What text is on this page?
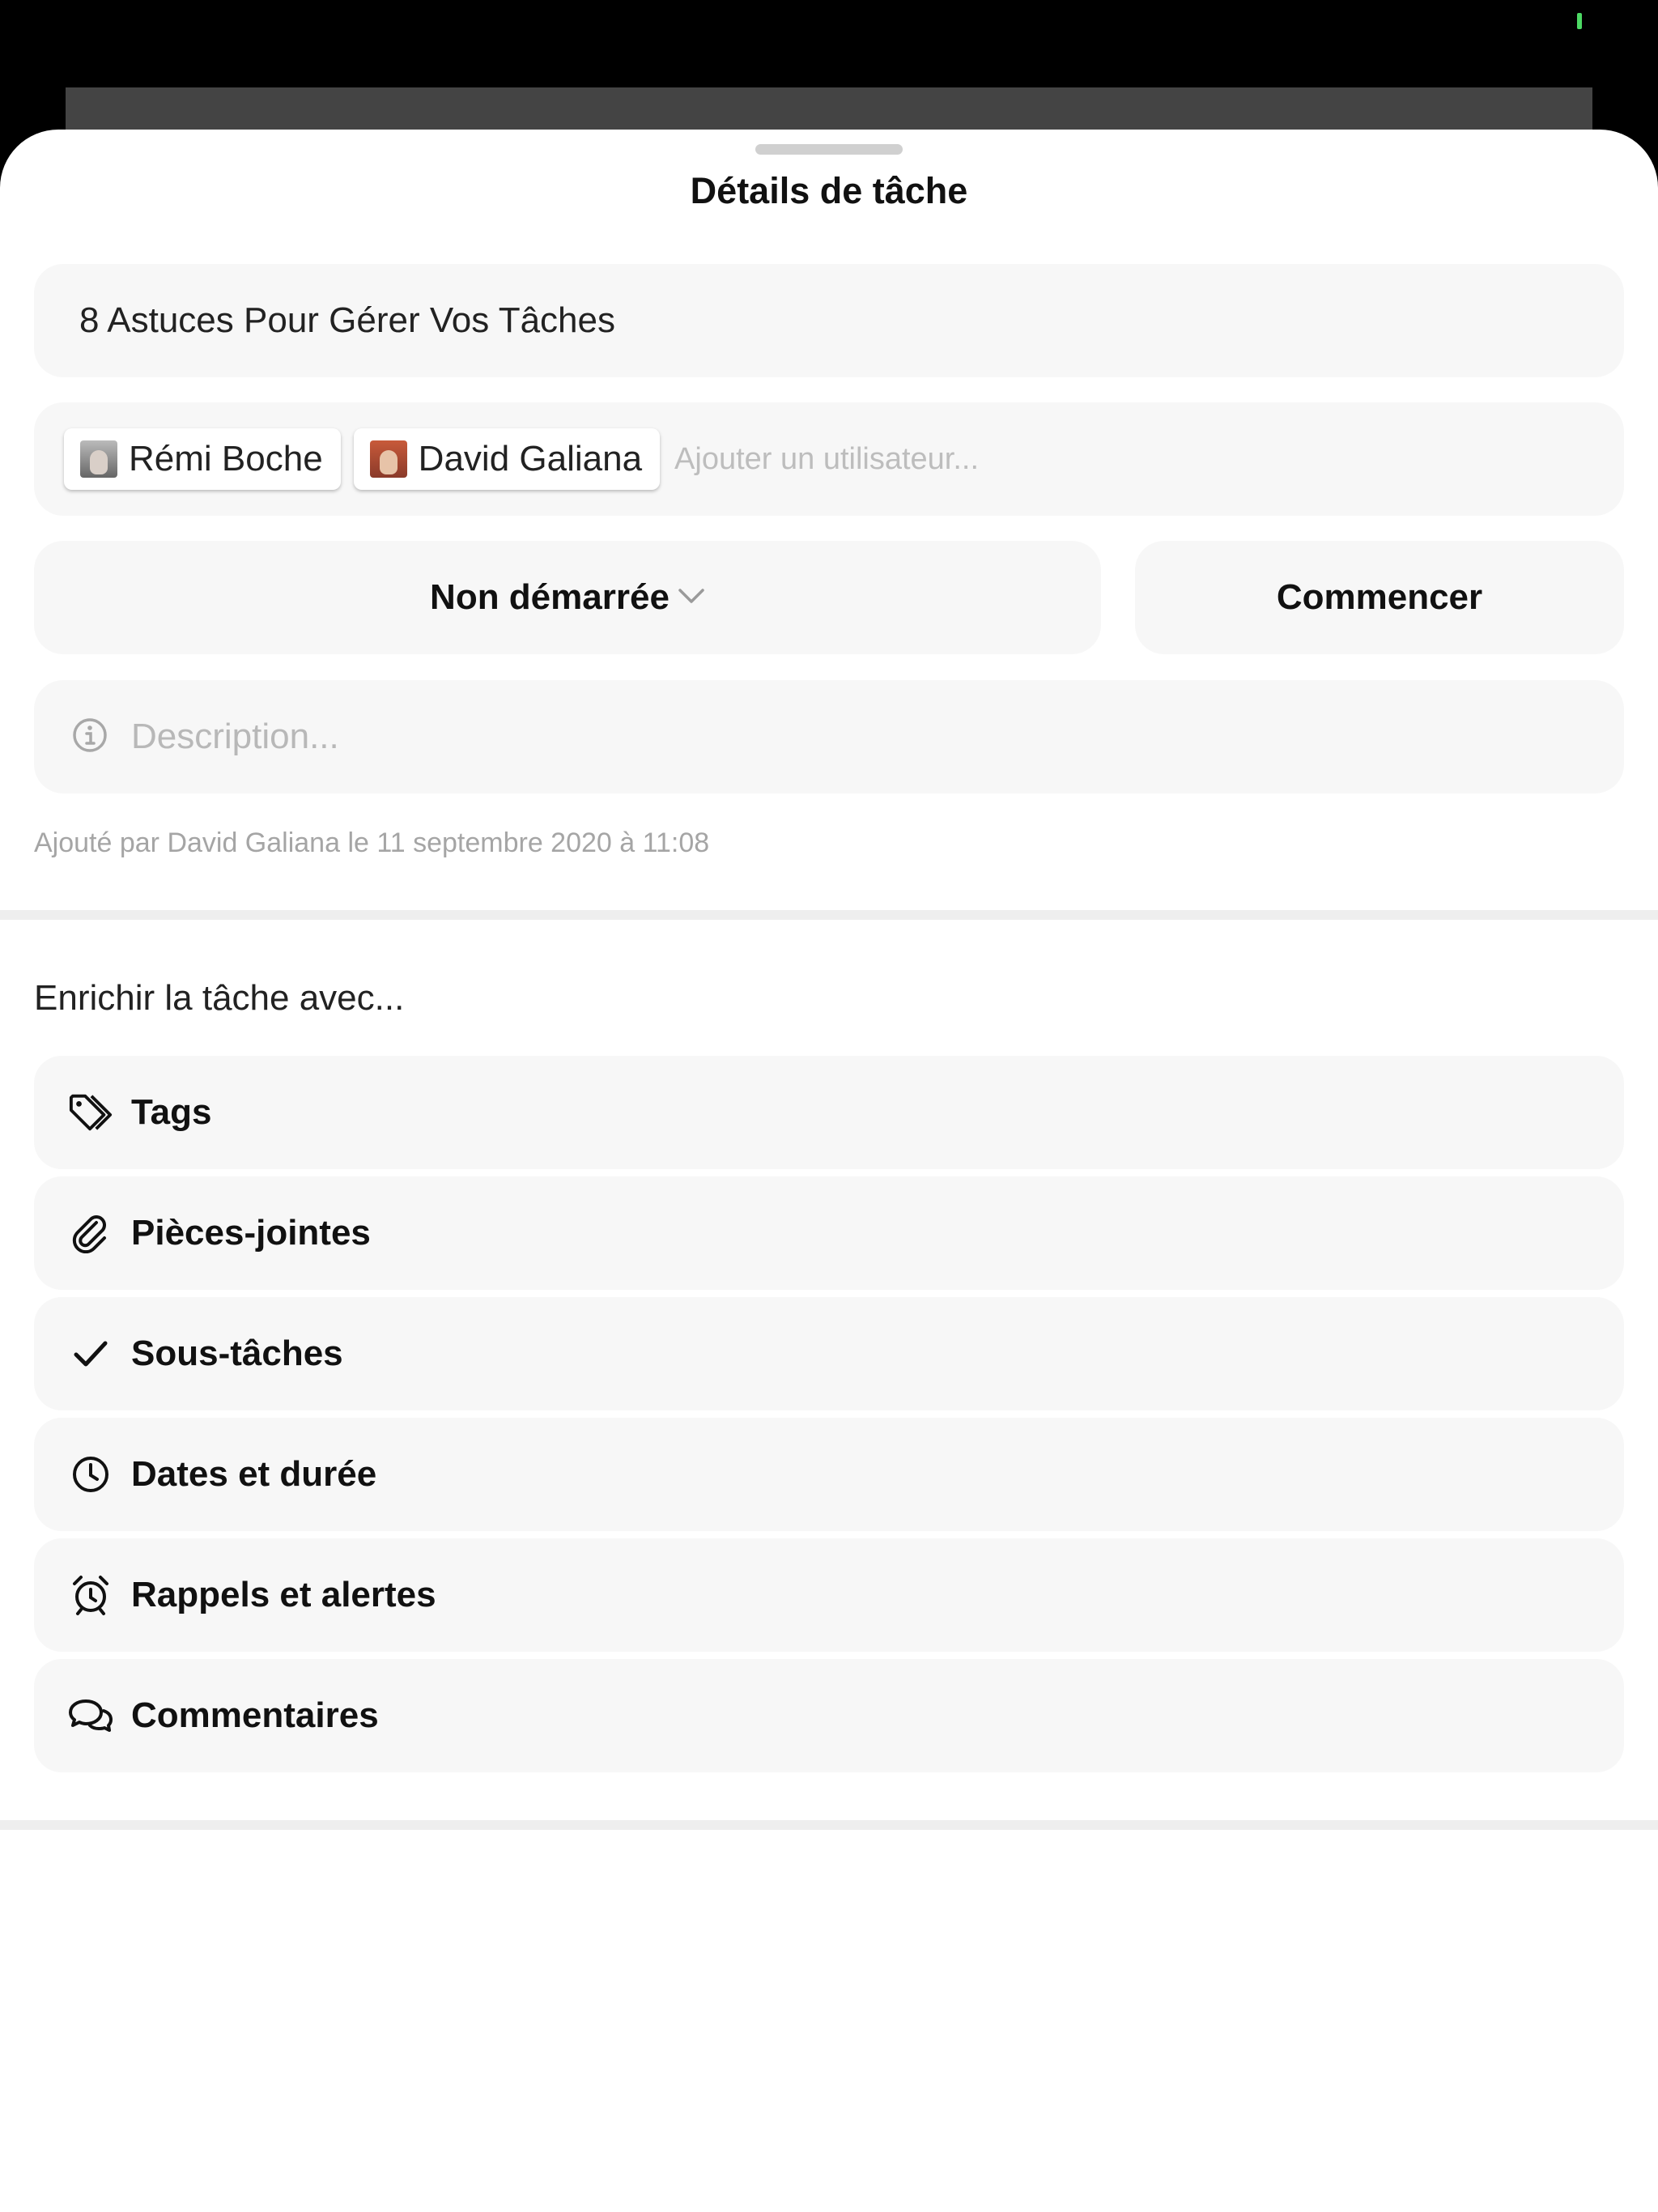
Détails de tâche
8 Astuces Pour Gérer Vos Tâches
Rémi Boche	David Galiana Ajouter un utilisateur...
Non démarrée	Commencer
Description...
Ajouté par David Galiana le 11 septembre 2020 à 11:08
Enrichir la tâche avec...
Tags
Pièces-jointes
Sous-tâches
Dates et durée
Rappels et alertes
Commentaires
